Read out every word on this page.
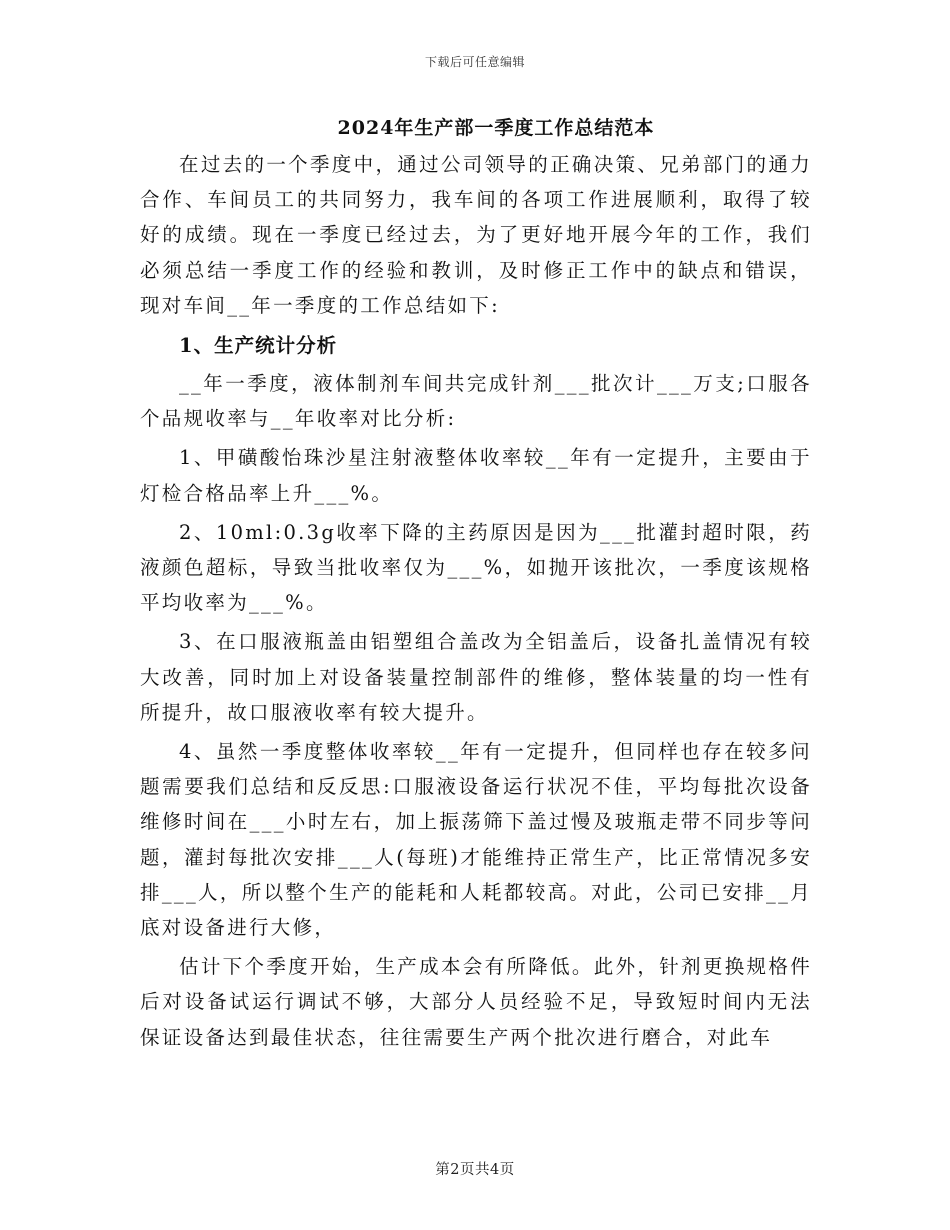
下载后可任意编辑
2024年生产部一季度工作总结范本

在过去的一个季度中，通过公司领导的正确决策、兄弟部门的通力合作、车间员工的共同努力，我车间的各项工作进展顺利，取得了较好的成绩。现在一季度已经过去，为了更好地开展今年的工作，我们必须总结一季度工作的经验和教训，及时修正工作中的缺点和错误，现对车间__年一季度的工作总结如下:

1、生产统计分析

__年一季度，液体制剂车间共完成针剂___批次计___万支;口服各个品规收率与__年收率对比分析:

1、甲磺酸怡珠沙星注射液整体收率较__年有一定提升，主要由于灯检合格品率上升___%。

2、10ml:0.3g收率下降的主药原因是因为___批灌封超时限，药液颜色超标，导致当批收率仅为___%，如抛开该批次，一季度该规格平均收率为___%。

3、在口服液瓶盖由铝塑组合盖改为全铝盖后，设备扎盖情况有较大改善，同时加上对设备装量控制部件的维修，整体装量的均一性有所提升，故口服液收率有较大提升。

4、虽然一季度整体收率较__年有一定提升，但同样也存在较多问题需要我们总结和反反思:口服液设备运行状况不佳，平均每批次设备维修时间在___小时左右，加上振荡筛下盖过慢及玻瓶走带不同步等问题，灌封每批次安排___人(每班)才能维持正常生产，比正常情况多安排___人，所以整个生产的能耗和人耗都较高。对此，公司已安排__月底对设备进行大修，

估计下个季度开始，生产成本会有所降低。此外，针剂更换规格件后对设备试运行调试不够，大部分人员经验不足，导致短时间内无法保证设备达到最佳状态，往往需要生产两个批次进行磨合，对此车

第2页共4页
